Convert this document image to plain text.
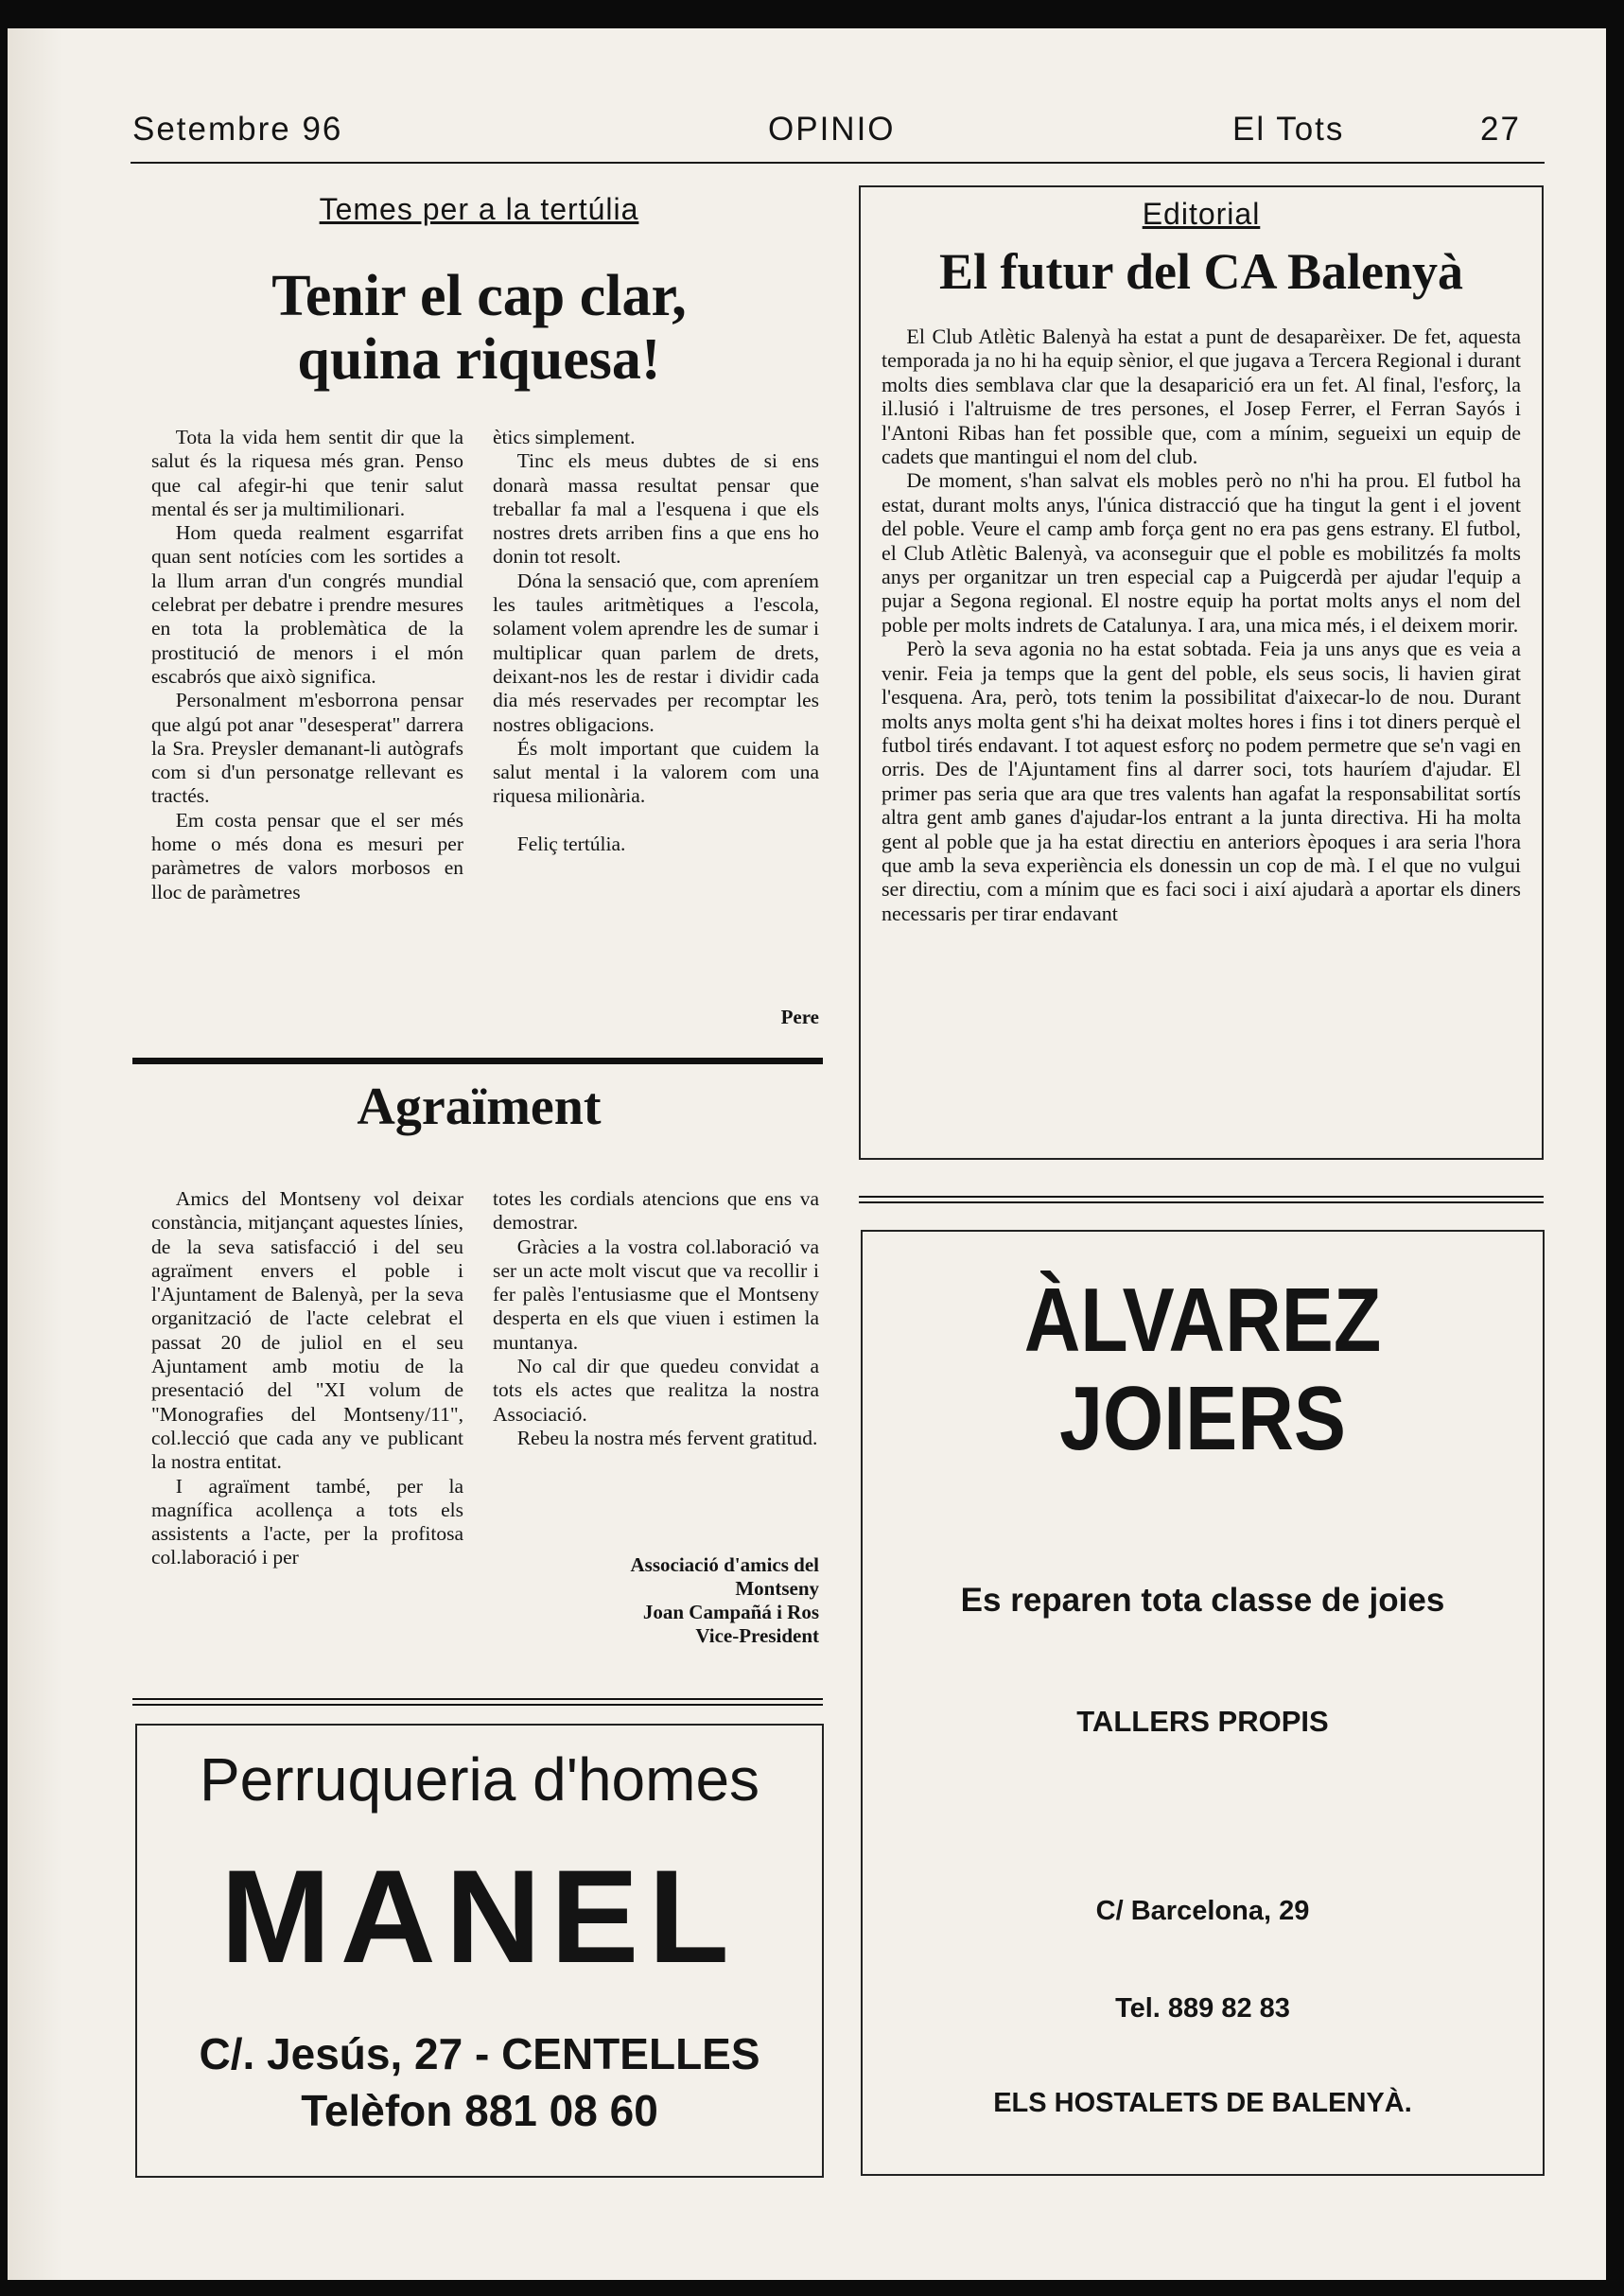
Setembre 96	OPINIO	El Tots	27
Temes per a la tertúlia
Tenir el cap clar,
quina riquesa!

Tota la vida hem sentit dir que la salut és la riquesa més gran. Penso que cal afegir-hi que tenir salut mental és ser ja multimilionari.

Hom queda realment esgarrifat quan sent notícies com les sortides a la llum arran d'un congrés mundial celebrat per debatre i prendre mesures en tota la problemàtica de la prostitució de menors i el món escabrós que això significa.

Personalment m'esborrona pensar que algú pot anar "desesperat" darrera la Sra. Preysler demanant-li autògrafs com si d'un personatge rellevant es tractés.

Em costa pensar que el ser més home o més dona es mesuri per paràmetres de valors morbosos en lloc de paràmetres

ètics simplement.

Tinc els meus dubtes de si ens donarà massa resultat pensar que treballar fa mal a l'esquena i que els nostres drets arriben fins a que ens ho donin tot resolt.

Dóna la sensació que, com apreníem les taules aritmètiques a l'escola, solament volem aprendre les de sumar i multiplicar quan parlem de drets, deixant-nos les de restar i dividir cada dia més reservades per recomptar les nostres obligacions.

És molt important que cuidem la salut mental i la valorem com una riquesa milionària.

Feliç tertúlia.

Pere
Agraïment

Amics del Montseny vol deixar constància, mitjançant aquestes línies, de la seva satisfacció i del seu agraïment envers el poble i l'Ajuntament de Balenyà, per la seva organització de l'acte celebrat el passat 20 de juliol en el seu Ajuntament amb motiu de la presentació del "XI volum de "Monografies del Montseny/11", col.lecció que cada any ve publicant la nostra entitat.

I agraïment també, per la magnífica acollença a tots els assistents a l'acte, per la profitosa col.laboració i per

totes les cordials atencions que ens va demostrar.

Gràcies a la vostra col.laboració va ser un acte molt viscut que va recollir i fer palès l'entusiasme que el Montseny desperta en els que viuen i estimen la muntanya.

No cal dir que quedeu convidat a tots els actes que realitza la nostra Associació.

Rebeu la nostra més fervent gratitud.

Associació d'amics del
Montseny
Joan Campañá i Ros
Vice-President
Perruqueria d'homes
MANEL
C/. Jesús, 27 - CENTELLES
Telèfon 881 08 60
Editorial
El futur del CA Balenyà

El Club Atlètic Balenyà ha estat a punt de desaparèixer. De fet, aquesta temporada ja no hi ha equip sènior, el que jugava a Tercera Regional i durant molts dies semblava clar que la desaparició era un fet. Al final, l'esforç, la il.lusió i l'altruisme de tres persones, el Josep Ferrer, el Ferran Sayós i l'Antoni Ribas han fet possible que, com a mínim, segueixi un equip de cadets que mantingui el nom del club.

De moment, s'han salvat els mobles però no n'hi ha prou. El futbol ha estat, durant molts anys, l'única distracció que ha tingut la gent i el jovent del poble. Veure el camp amb força gent no era pas gens estrany. El futbol, el Club Atlètic Balenyà, va aconseguir que el poble es mobilitzés fa molts anys per organitzar un tren especial cap a Puigcerdà per ajudar l'equip a pujar a Segona regional. El nostre equip ha portat molts anys el nom del poble per molts indrets de Catalunya. I ara, una mica més, i el deixem morir.

Però la seva agonia no ha estat sobtada. Feia ja uns anys que es veia a venir. Feia ja temps que la gent del poble, els seus socis, li havien girat l'esquena. Ara, però, tots tenim la possibilitat d'aixecar-lo de nou. Durant molts anys molta gent s'hi ha deixat moltes hores i fins i tot diners perquè el futbol tirés endavant. I tot aquest esforç no podem permetre que se'n vagi en orris. Des de l'Ajuntament fins al darrer soci, tots hauríem d'ajudar. El primer pas seria que ara que tres valents han agafat la responsabilitat sortís altra gent amb ganes d'ajudar-los entrant a la junta directiva. Hi ha molta gent al poble que ja ha estat directiu en anteriors èpoques i ara seria l'hora que amb la seva experiència els donessin un cop de mà. I el que no vulgui ser directiu, com a mínim que es faci soci i així ajudarà a aportar els diners necessaris per tirar endavant

ÀLVAREZ
JOIERS
Es reparen tota classe de joies
TALLERS PROPIS
C/ Barcelona, 29
Tel. 889 82 83
ELS HOSTALETS DE BALENYÀ.
